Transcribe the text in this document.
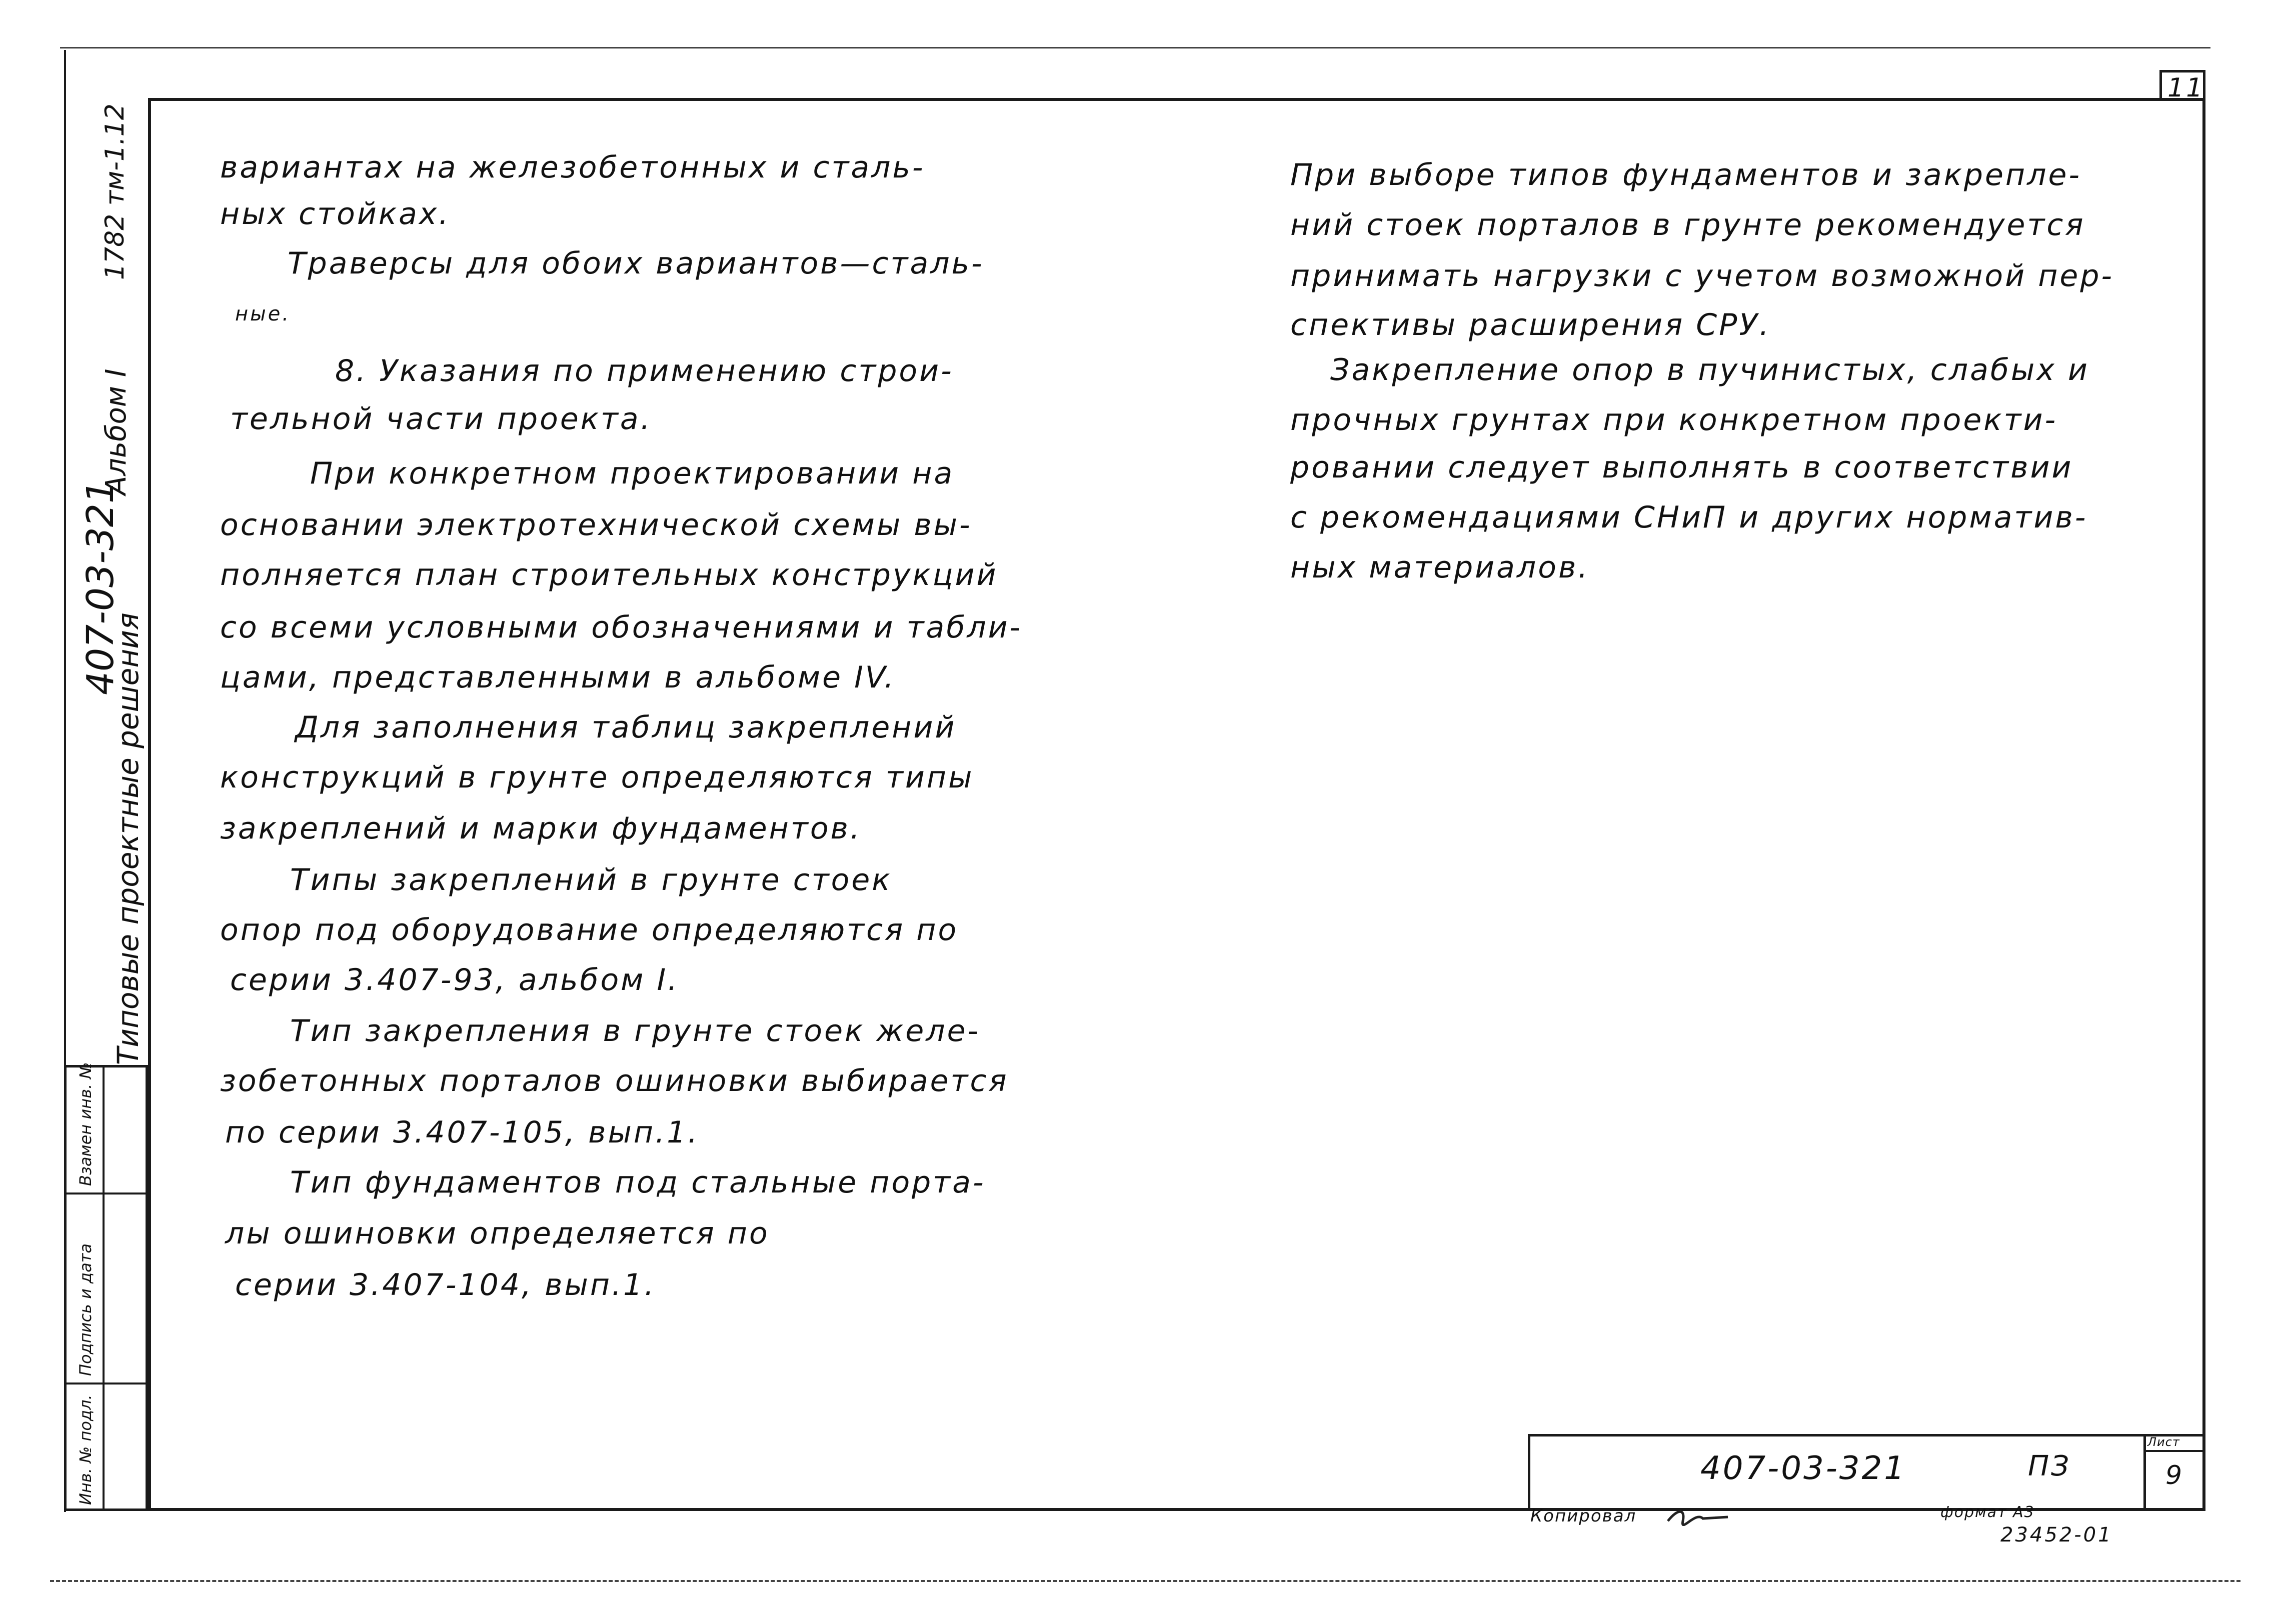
11
Взамен инв. №
Подпись и дата
Инв. № подл.
1782 тм-1.12
Альбом I
407-03-321
Типовые проектные решения
вариантах на железобетонных и сталь-
ных стойках.
Траверсы для обоих вариантов—сталь-
ные.
8. Указания по применению строи-
тельной части проекта.
При конкретном проектировании на
основании электротехнической схемы вы-
полняется план строительных конструкций
со всеми условными обозначениями и табли-
цами, представленными в альбоме IV.
Для заполнения таблиц закреплений
конструкций в грунте определяются типы
закреплений и марки фундаментов.
Типы закреплений в грунте стоек
опор под оборудование определяются по
серии 3.407-93, альбом I.
Тип закрепления в грунте стоек желе-
зобетонных порталов ошиновки выбирается
по серии 3.407-105, вып.1.
Тип фундаментов под стальные порта-
лы ошиновки определяется по
серии 3.407-104, вып.1.
При выборе типов фундаментов и закрепле-
ний стоек порталов в грунте рекомендуется
принимать нагрузки с учетом возможной пер-
спективы расширения СРУ.
Закрепление опор в пучинистых, слабых и
прочных грунтах при конкретном проекти-
ровании следует выполнять в соответствии
с рекомендациями СНиП и других норматив-
ных материалов.
407-03-321	ПЗ
Лист
9
Копировал	формат А3
23452-01
